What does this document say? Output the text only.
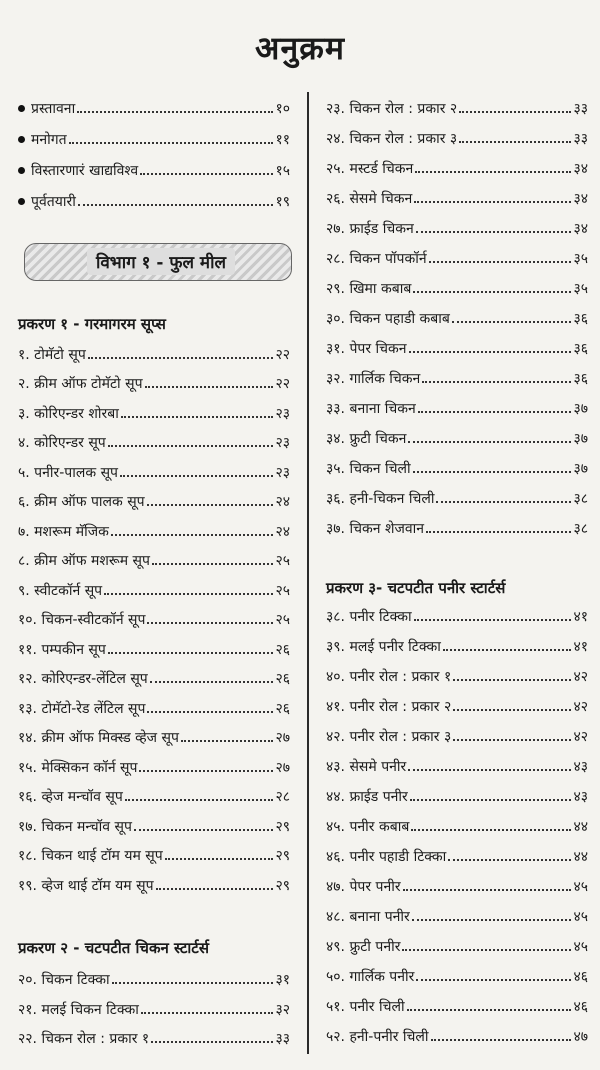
अनुक्रम
प्रस्तावना	१०
मनोगत	११
विस्तारणारं खाद्यविश्व	१५
पूर्वतयारी	१९
प्रकरण १ - गरमागरम सूप्स
१. टोमॅटो सूप	२२
२. क्रीम ऑफ टोमॅटो सूप	२२
३. कोरिएन्डर शोरबा	२३
४. कोरिएन्डर सूप	२३
५. पनीर-पालक सूप	२३
६. क्रीम ऑफ पालक सूप	२४
७. मशरूम मॅजिक	२४
८. क्रीम ऑफ मशरूम सूप	२५
९. स्वीटकॉर्न सूप	२५
१०. चिकन-स्वीटकॉर्न सूप	२५
११. पम्पकीन सूप	२६
१२. कोरिएन्डर-लेंटिल सूप	२६
१३. टोमॅटो-रेड लेंटिल सूप	२६
१४. क्रीम ऑफ मिक्स्ड व्हेज सूप	२७
१५. मेक्सिकन कॉर्न सूप	२७
१६. व्हेज मन्चॉव सूप	२८
१७. चिकन मन्चॉव सूप	२९
१८. चिकन थाई टॉम यम सूप	२९
१९. व्हेज थाई टॉम यम सूप	२९
प्रकरण २ - चटपटीत चिकन स्टार्टर्स
२०. चिकन टिक्का	३१
२१. मलई चिकन टिक्का	३२
२२. चिकन रोल : प्रकार १	३३
विभाग १ - फुल मील
२३. चिकन रोल : प्रकार २	३३
२४. चिकन रोल : प्रकार ३	३३
२५. मस्टर्ड चिकन	३४
२६. सेसमे चिकन	३४
२७. फ्राईड चिकन	३४
२८. चिकन पॉपकॉर्न	३५
२९. खिमा कबाब	३५
३०. चिकन पहाडी कबाब	३६
३१. पेपर चिकन	३६
३२. गार्लिक चिकन	३६
३३. बनाना चिकन	३७
३४. फ्रुटी चिकन	३७
३५. चिकन चिली	३७
३६. हनी-चिकन चिली	३८
३७. चिकन शेजवान	३८
प्रकरण ३- चटपटीत पनीर स्टार्टर्स
३८. पनीर टिक्का	४१
३९. मलई पनीर टिक्का	४१
४०. पनीर रोल : प्रकार १	४२
४१. पनीर रोल : प्रकार २	४२
४२. पनीर रोल : प्रकार ३	४२
४३. सेसमे पनीर	४३
४४. फ्राईड पनीर	४३
४५. पनीर कबाब	४४
४६. पनीर पहाडी टिक्का	४४
४७. पेपर पनीर	४५
४८. बनाना पनीर	४५
४९. फ्रुटी पनीर	४५
५०. गार्लिक पनीर	४६
५१. पनीर चिली	४६
५२. हनी-पनीर चिली	४७
